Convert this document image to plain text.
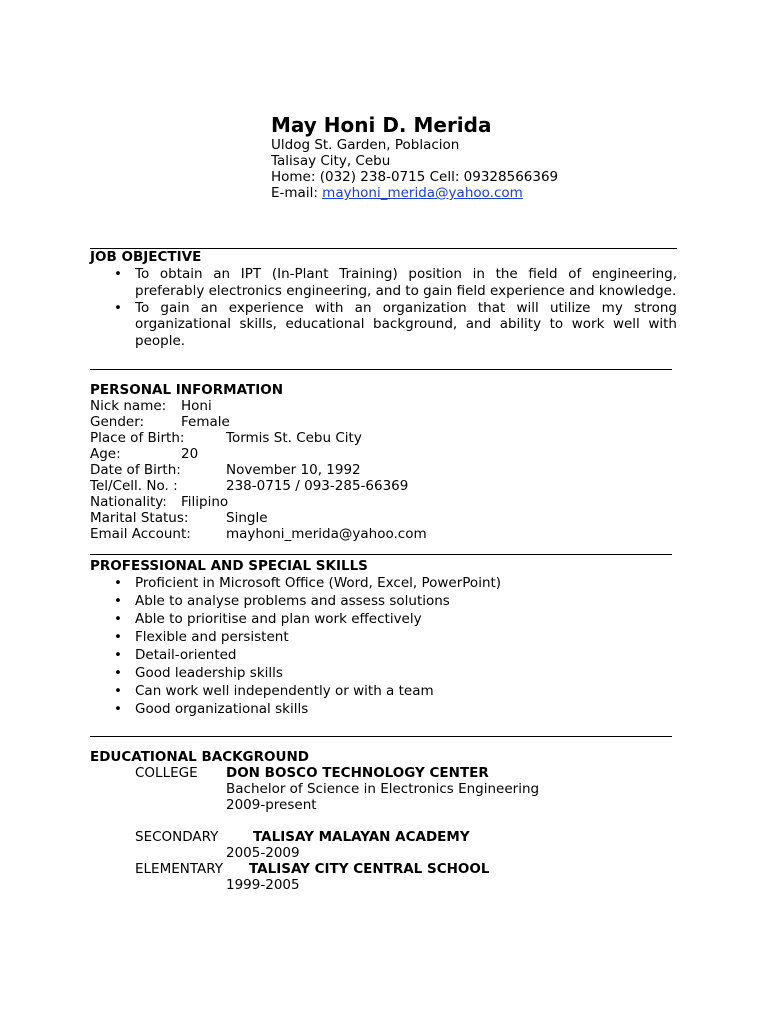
May Honi D. Merida
Uldog St. Garden, Poblacion
Talisay City, Cebu
Home: (032) 238-0715 Cell: 09328566369
E-mail: mayhoni_merida@yahoo.com
JOB OBJECTIVE
• To obtain an IPT (In-Plant Training) position in the field of engineering, preferably electronics engineering, and to gain field experience and knowledge.
• To gain an experience with an organization that will utilize my strong organizational skills, educational background, and ability to work well with people.
PERSONAL INFORMATION
Nick name: Honi
Gender:	Female
Place of Birth:	Tormis St. Cebu City
Age:	20
Date of Birth:	November 10, 1992
Tel/Cell. No. :	238-0715 / 093-285-66369
Nationality: Filipino
Marital Status:	Single
Email Account:	mayhoni_merida@yahoo.com
PROFESSIONAL AND SPECIAL SKILLS
• Proficient in Microsoft Office (Word, Excel, PowerPoint)
• Able to analyse problems and assess solutions
• Able to prioritise and plan work effectively
• Flexible and persistent
• Detail-oriented
• Good leadership skills
• Can work well independently or with a team
• Good organizational skills
EDUCATIONAL BACKGROUND
COLLEGE DON BOSCO TECHNOLOGY CENTER
Bachelor of Science in Electronics Engineering
2009-present
SECONDARY	TALISAY MALAYAN ACADEMY
2005-2009
ELEMENTARY TALISAY CITY CENTRAL SCHOOL
1999-2005
